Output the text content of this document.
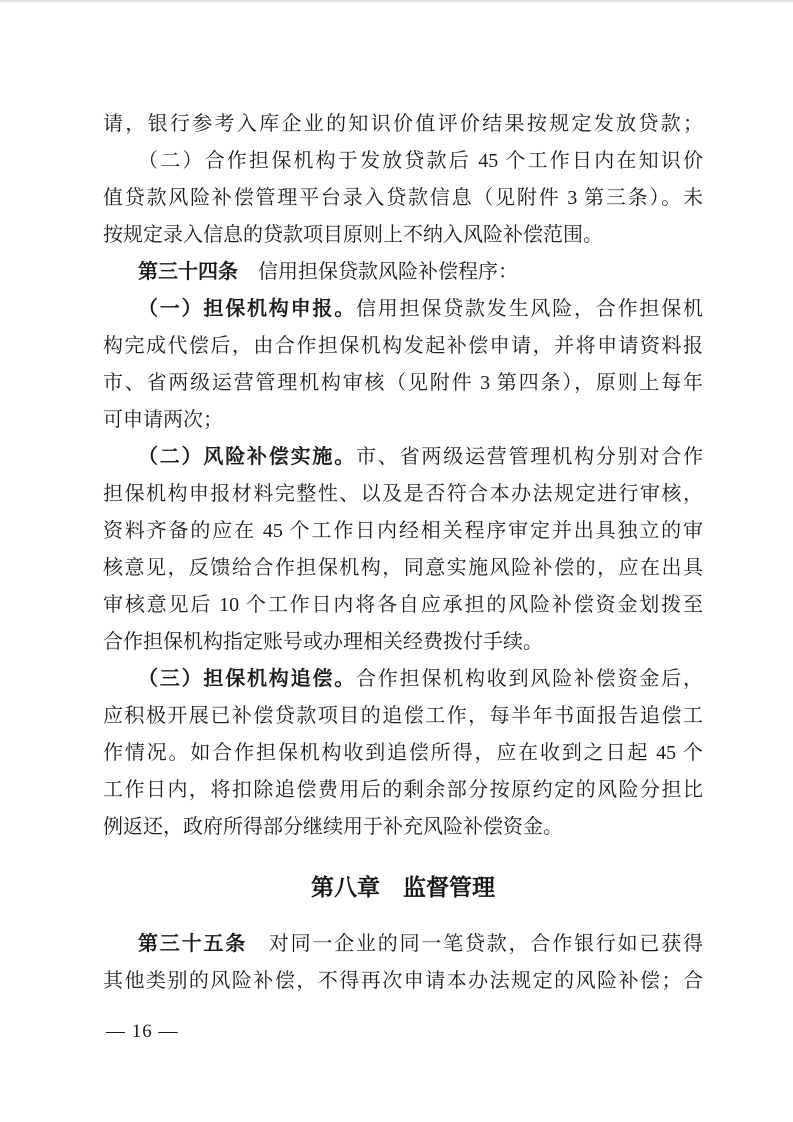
请，银行参考入库企业的知识价值评价结果按规定发放贷款；
（二）合作担保机构于发放贷款后 45 个工作日内在知识价
值贷款风险补偿管理平台录入贷款信息（见附件 3 第三条）。未
按规定录入信息的贷款项目原则上不纳入风险补偿范围。
第三十四条　信用担保贷款风险补偿程序：
（一）担保机构申报。信用担保贷款发生风险，合作担保机
构完成代偿后，由合作担保机构发起补偿申请，并将申请资料报
市、省两级运营管理机构审核（见附件 3 第四条），原则上每年
可申请两次；
（二）风险补偿实施。市、省两级运营管理机构分别对合作
担保机构申报材料完整性、以及是否符合本办法规定进行审核，
资料齐备的应在 45 个工作日内经相关程序审定并出具独立的审
核意见，反馈给合作担保机构，同意实施风险补偿的，应在出具
审核意见后 10 个工作日内将各自应承担的风险补偿资金划拨至
合作担保机构指定账号或办理相关经费拨付手续。
（三）担保机构追偿。合作担保机构收到风险补偿资金后，
应积极开展已补偿贷款项目的追偿工作，每半年书面报告追偿工
作情况。如合作担保机构收到追偿所得，应在收到之日起 45 个
工作日内，将扣除追偿费用后的剩余部分按原约定的风险分担比
例返还，政府所得部分继续用于补充风险补偿资金。
第八章　监督管理
第三十五条　对同一企业的同一笔贷款，合作银行如已获得
其他类别的风险补偿，不得再次申请本办法规定的风险补偿；合
— 16 —
